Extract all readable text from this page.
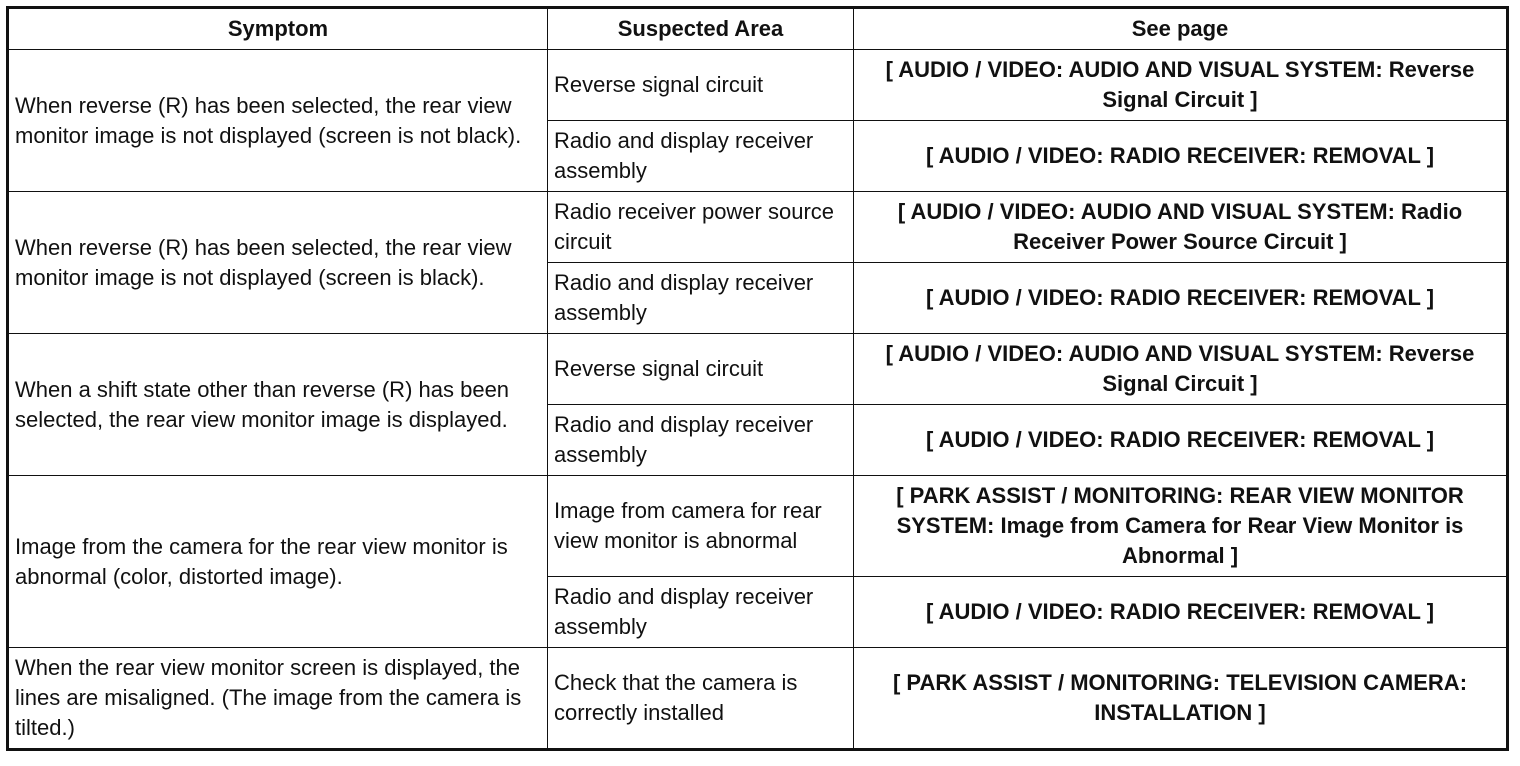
Symptom	Suspected Area	See page
When reverse (R) has been selected, the rear view monitor image is not displayed (screen is not black).	Reverse signal circuit	[ AUDIO / VIDEO: AUDIO AND VISUAL SYSTEM: Reverse Signal Circuit ]
	Radio and display receiver assembly	[ AUDIO / VIDEO: RADIO RECEIVER: REMOVAL ]
When reverse (R) has been selected, the rear view monitor image is not displayed (screen is black).	Radio receiver power source circuit	[ AUDIO / VIDEO: AUDIO AND VISUAL SYSTEM: Radio Receiver Power Source Circuit ]
	Radio and display receiver assembly	[ AUDIO / VIDEO: RADIO RECEIVER: REMOVAL ]
When a shift state other than reverse (R) has been selected, the rear view monitor image is displayed.	Reverse signal circuit	[ AUDIO / VIDEO: AUDIO AND VISUAL SYSTEM: Reverse Signal Circuit ]
	Radio and display receiver assembly	[ AUDIO / VIDEO: RADIO RECEIVER: REMOVAL ]
Image from the camera for the rear view monitor is abnormal (color, distorted image).	Image from camera for rear view monitor is abnormal	[ PARK ASSIST / MONITORING: REAR VIEW MONITOR SYSTEM: Image from Camera for Rear View Monitor is Abnormal ]
	Radio and display receiver assembly	[ AUDIO / VIDEO: RADIO RECEIVER: REMOVAL ]
When the rear view monitor screen is displayed, the lines are misaligned. (The image from the camera is tilted.)	Check that the camera is correctly installed	[ PARK ASSIST / MONITORING: TELEVISION CAMERA: INSTALLATION ]
